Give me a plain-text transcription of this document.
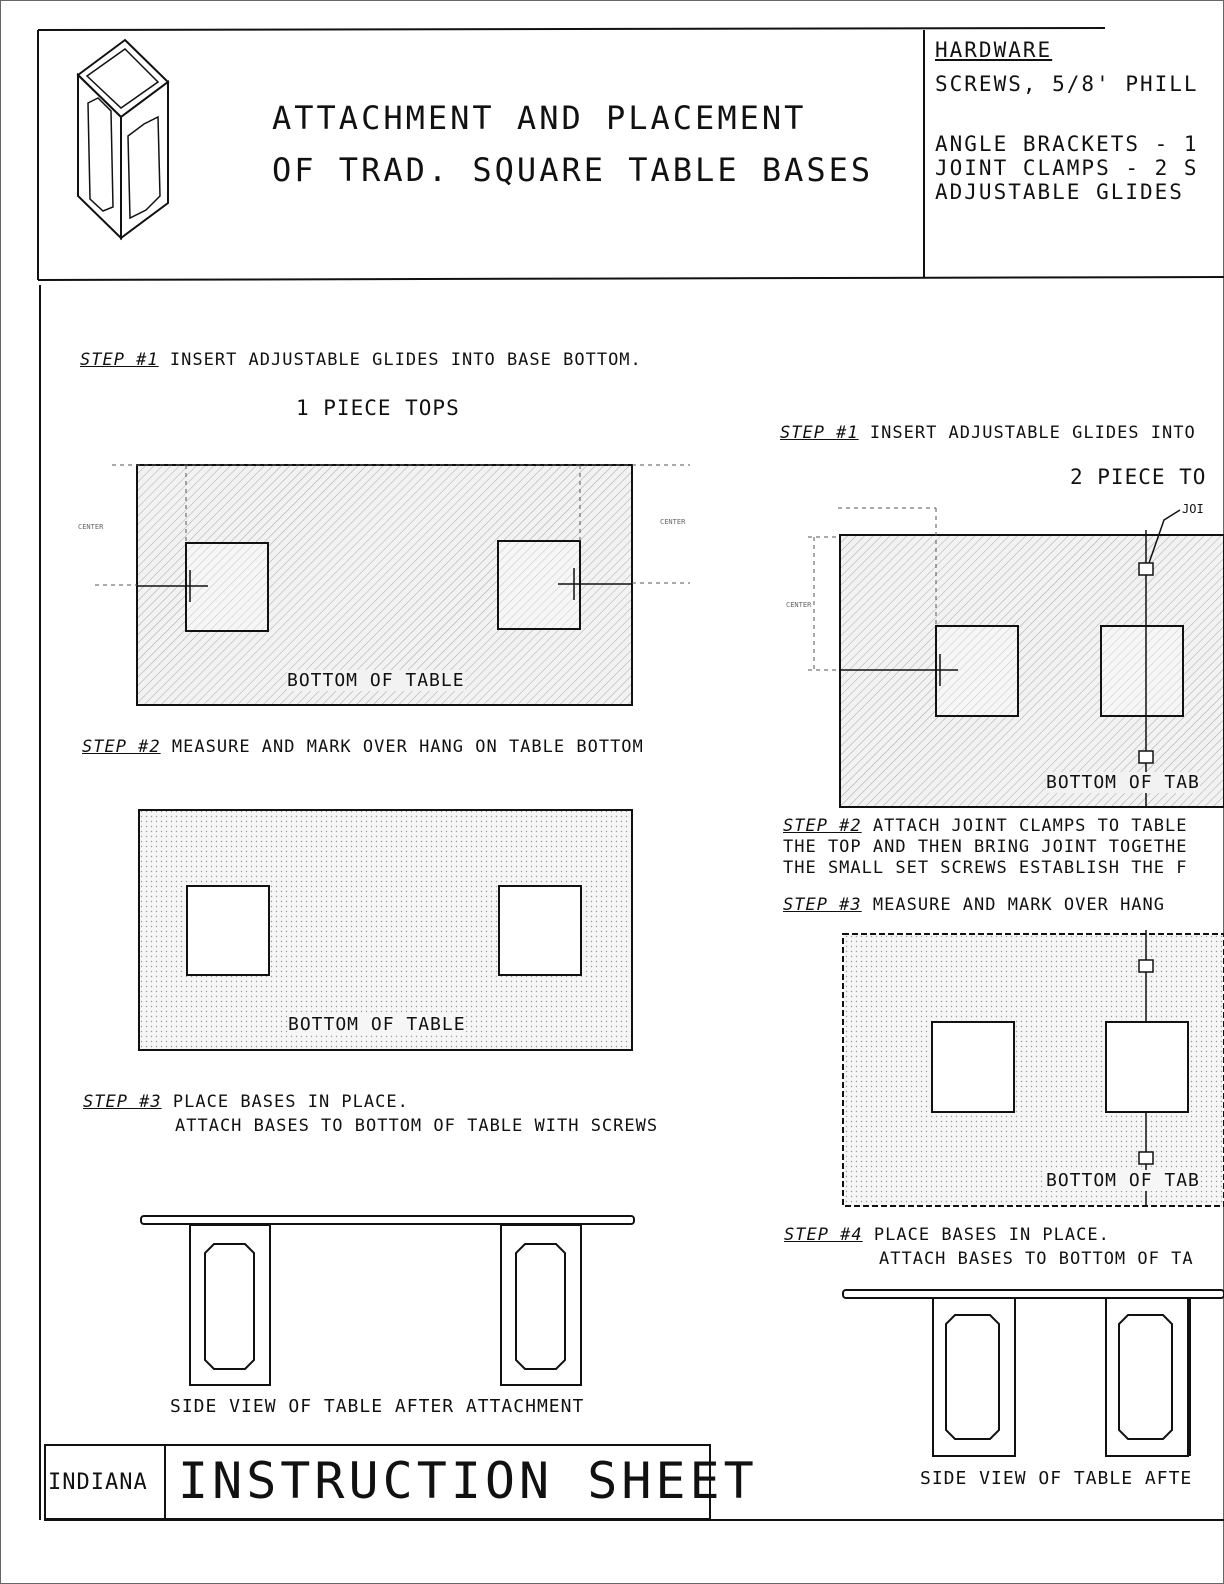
ATTACHMENT AND PLACEMENT
OF TRAD. SQUARE TABLE BASES
HARDWARE
SCREWS, 5/8' PHILL
ANGLE BRACKETS - 1
JOINT CLAMPS - 2 S
ADJUSTABLE GLIDES
STEP #1 INSERT ADJUSTABLE GLIDES INTO BASE BOTTOM.
1 PIECE TOPS
CENTER
CENTER
BOTTOM OF TABLE
STEP #2 MEASURE AND MARK OVER HANG ON TABLE BOTTOM
BOTTOM OF TABLE
STEP #3 PLACE BASES IN PLACE.
ATTACH BASES TO BOTTOM OF TABLE WITH SCREWS
SIDE VIEW OF TABLE AFTER ATTACHMENT
STEP #1 INSERT ADJUSTABLE GLIDES INTO
2 PIECE TO
JOI
CENTER
BOTTOM OF TAB
STEP #2 ATTACH JOINT CLAMPS TO TABLE
THE TOP AND THEN BRING JOINT TOGETHE
THE SMALL SET SCREWS ESTABLISH THE F
STEP #3 MEASURE AND MARK OVER HANG
BOTTOM OF TAB
STEP #4 PLACE BASES IN PLACE.
ATTACH BASES TO BOTTOM OF TA
SIDE VIEW OF TABLE AFTE
INDIANA INSTRUCTION SHEET
